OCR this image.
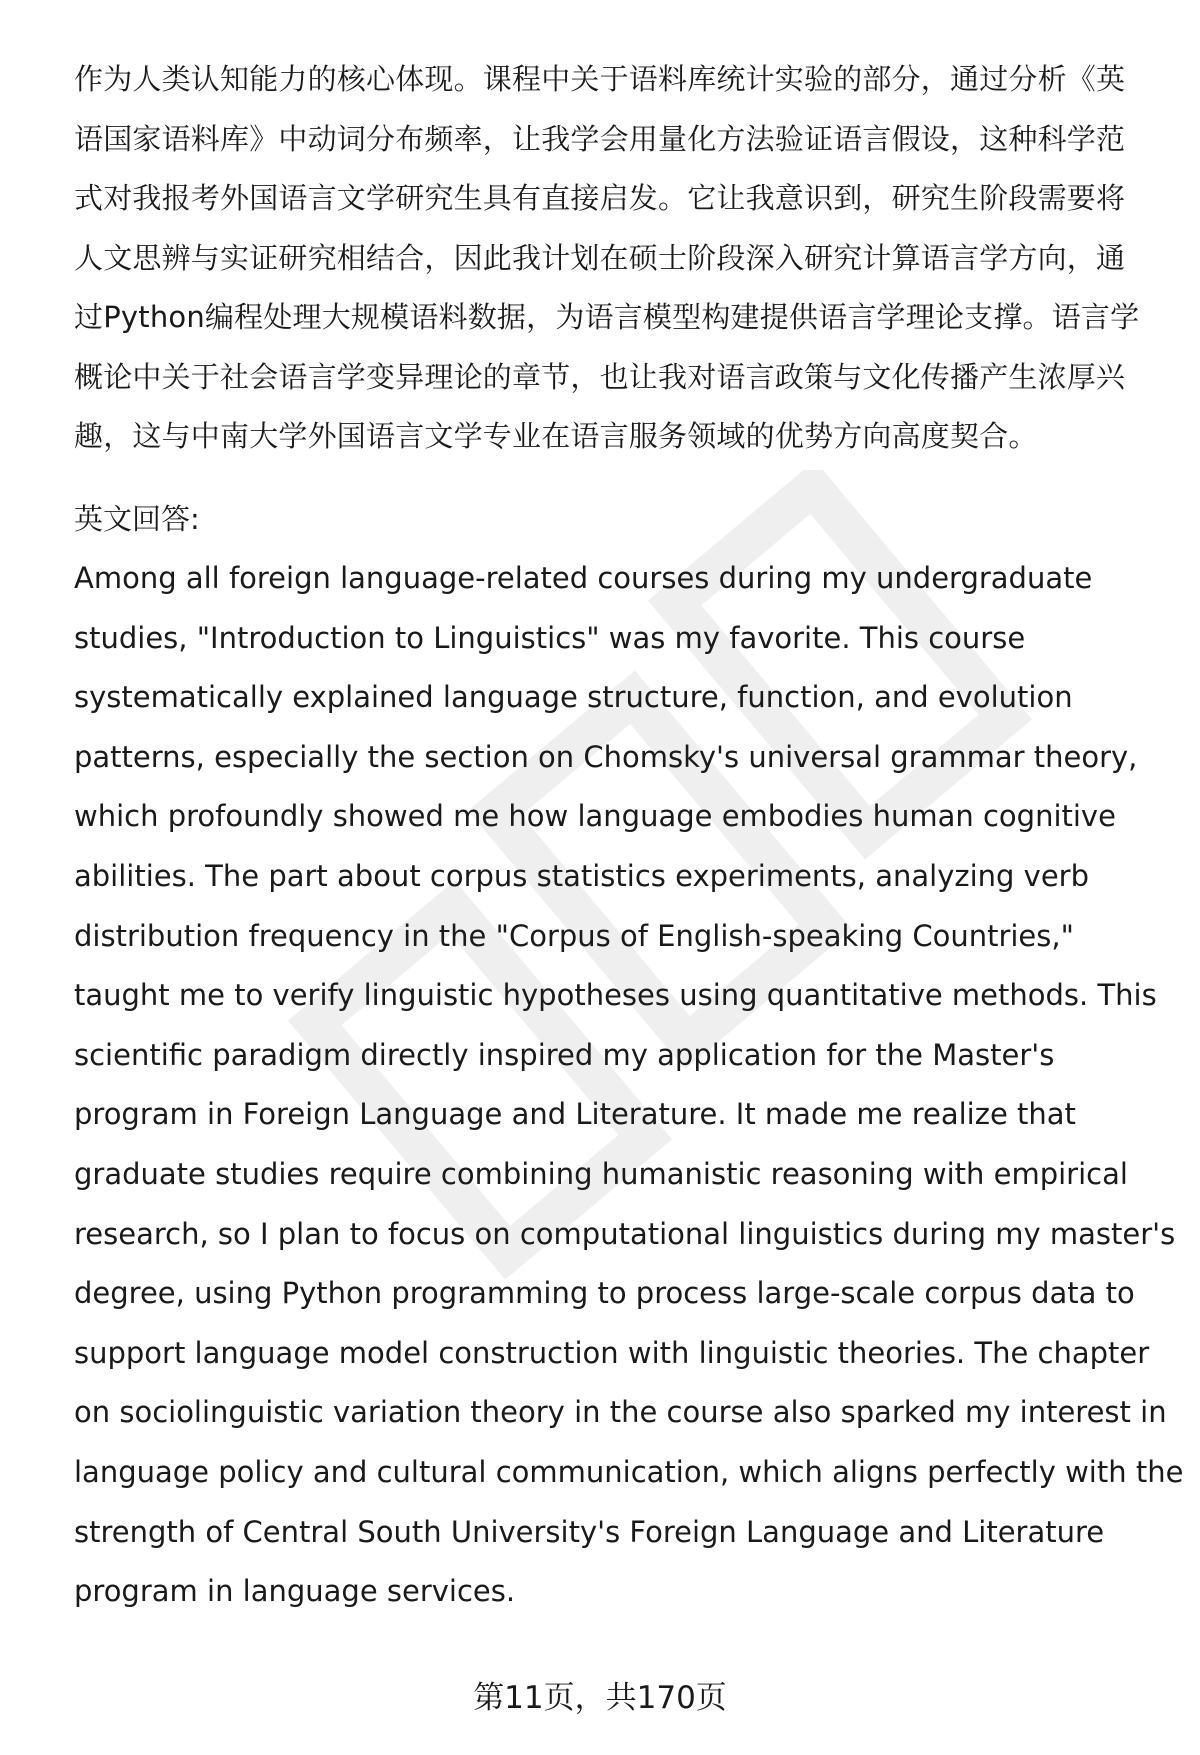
作为人类认知能力的核心体现。课程中关于语料库统计实验的部分，通过分析《英
语国家语料库》中动词分布频率，让我学会用量化方法验证语言假设，这种科学范
式对我报考外国语言文学研究生具有直接启发。它让我意识到，研究生阶段需要将
人文思辨与实证研究相结合，因此我计划在硕士阶段深入研究计算语言学方向，通
过Python编程处理大规模语料数据，为语言模型构建提供语言学理论支撑。语言学
概论中关于社会语言学变异理论的章节，也让我对语言政策与文化传播产生浓厚兴
趣，这与中南大学外国语言文学专业在语言服务领域的优势方向高度契合。

英文回答:

Among all foreign language-related courses during my undergraduate
studies, "Introduction to Linguistics" was my favorite. This course
systematically explained language structure, function, and evolution
patterns, especially the section on Chomsky's universal grammar theory,
which profoundly showed me how language embodies human cognitive
abilities. The part about corpus statistics experiments, analyzing verb
distribution frequency in the "Corpus of English-speaking Countries,"
taught me to verify linguistic hypotheses using quantitative methods. This
scientific paradigm directly inspired my application for the Master's
program in Foreign Language and Literature. It made me realize that
graduate studies require combining humanistic reasoning with empirical
research, so I plan to focus on computational linguistics during my master's
degree, using Python programming to process large-scale corpus data to
support language model construction with linguistic theories. The chapter
on sociolinguistic variation theory in the course also sparked my interest in
language policy and cultural communication, which aligns perfectly with the
strength of Central South University's Foreign Language and Literature
program in language services.

第11页，共170页
